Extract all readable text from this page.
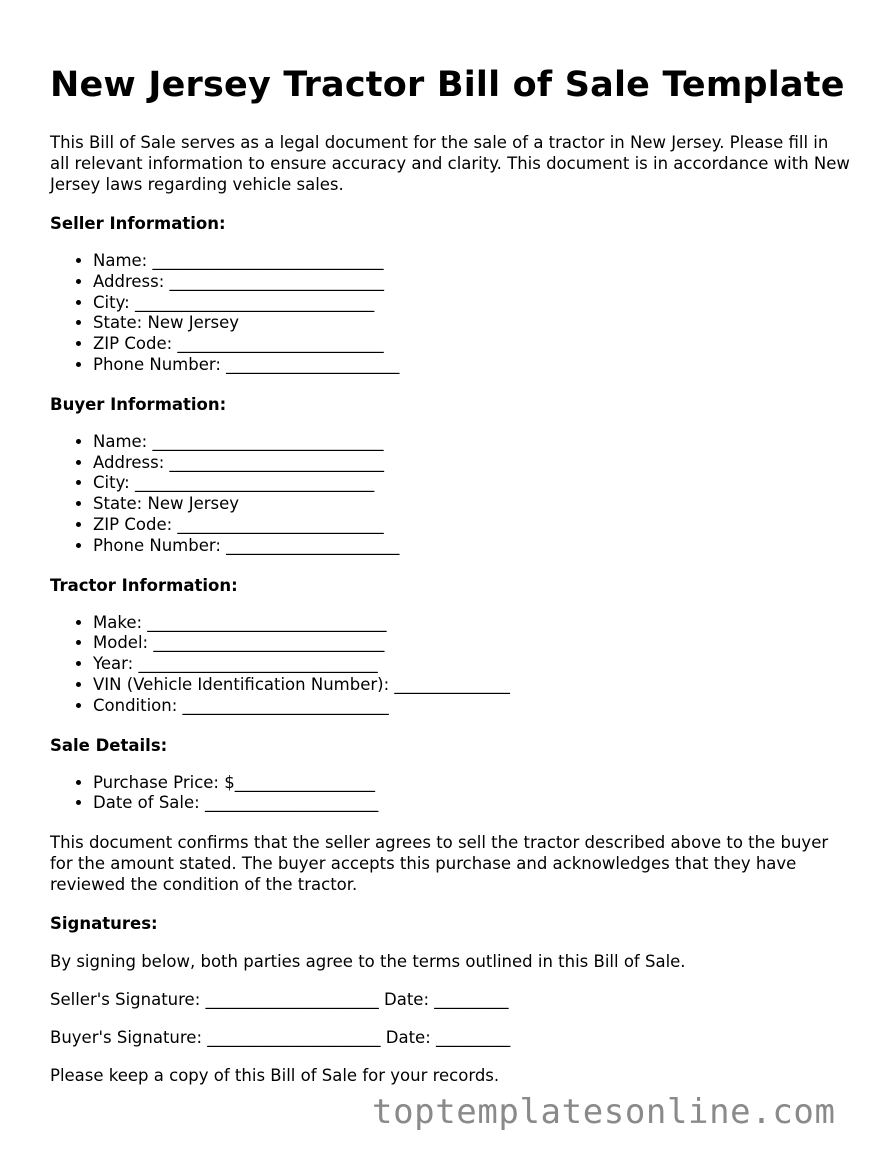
New Jersey Tractor Bill of Sale Template

This Bill of Sale serves as a legal document for the sale of a tractor in New Jersey. Please fill in all relevant information to ensure accuracy and clarity. This document is in accordance with New Jersey laws regarding vehicle sales.

Seller Information:
• Name: ____________________________
• Address: __________________________
• City: _____________________________
• State: New Jersey
• ZIP Code: _________________________
• Phone Number: _____________________
Buyer Information:
• Name: ____________________________
• Address: __________________________
• City: _____________________________
• State: New Jersey
• ZIP Code: _________________________
• Phone Number: _____________________
Tractor Information:
• Make: _____________________________
• Model: ____________________________
• Year: _____________________________
• VIN (Vehicle Identification Number): ______________
• Condition: _________________________
Sale Details:
• Purchase Price: $_________________
• Date of Sale: _____________________

This document confirms that the seller agrees to sell the tractor described above to the buyer for the amount stated. The buyer accepts this purchase and acknowledges that they have reviewed the condition of the tractor.

Signatures:

By signing below, both parties agree to the terms outlined in this Bill of Sale.

Seller's Signature: _____________________ Date: _________

Buyer's Signature: _____________________ Date: _________

Please keep a copy of this Bill of Sale for your records.

toptemplatesonline.com
